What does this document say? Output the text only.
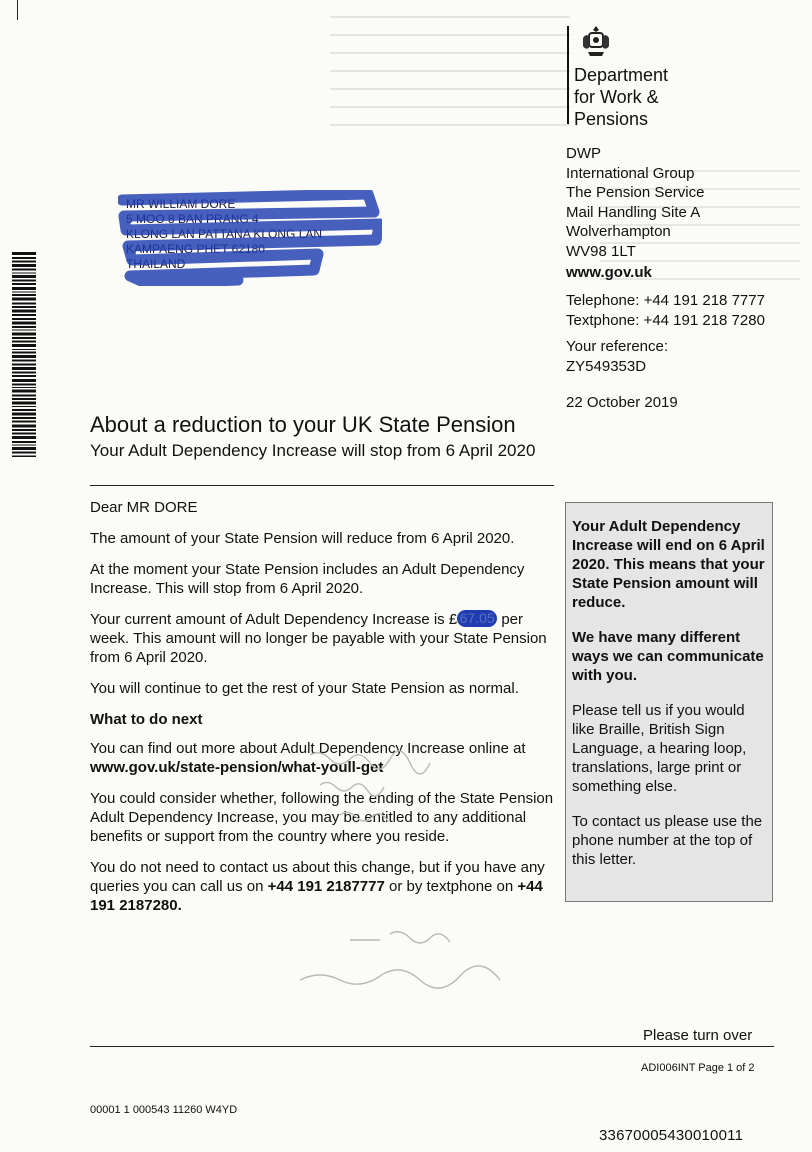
Department
for Work &
Pensions
DWP
International Group
The Pension Service
Mail Handling Site A
Wolverhampton
WV98 1LT
www.gov.uk
Telephone: +44 191 218 7777
Textphone: +44 191 218 7280
Your reference:
ZY549353D
22 October 2019
MR WILLIAM DORE
5 MOO 8 BAN PRANG 4
KLONG LAN PATTANA KLONG LAN
KAMPAENG PHET 62180
THAILAND
About a reduction to your UK State Pension
Your Adult Dependency Increase will stop from 6 April 2020

Dear MR DORE

The amount of your State Pension will reduce from 6 April 2020.

At the moment your State Pension includes an Adult Dependency Increase. This will stop from 6 April 2020.

Your current amount of Adult Dependency Increase is £ 67.05 per week. This amount will no longer be payable with your State Pension from 6 April 2020.

You will continue to get the rest of your State Pension as normal.

What to do next

You can find out more about Adult Dependency Increase online at www.gov.uk/state-pension/what-youll-get

You could consider whether, following the ending of the State Pension Adult Dependency Increase, you may be entitled to any additional benefits or support from the country where you reside.

You do not need to contact us about this change, but if you have any queries you can call us on +44 191 2187777 or by textphone on +44 191 2187280.

Your Adult Dependency Increase will end on 6 April 2020. This means that your State Pension amount will reduce.

We have many different ways we can communicate with you.

Please tell us if you would like Braille, British Sign Language, a hearing loop, translations, large print or something else.

To contact us please use the phone number at the top of this letter.

Please turn over
ADI006INT Page 1 of 2
00001 1 000543 11260 W4YD
33670005430010011
